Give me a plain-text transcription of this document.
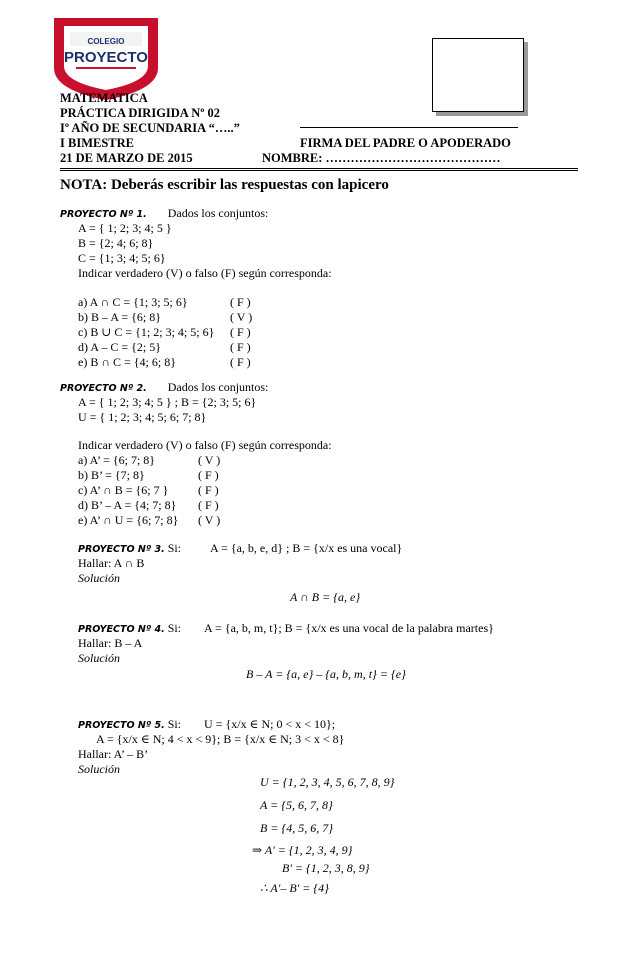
COLEGIO
PROYECTO
MATEMATICA
PRÁCTICA DIRIGIDA Nº 02
Iº AÑO DE SECUNDARIA “…..”
I BIMESTRE	FIRMA DEL PADRE O APODERADO
21 DE MARZO DE 2015	NOMBRE: ……………………………………
NOTA: Deberás escribir las respuestas con lapicero
PROYECTO Nº 1. Dados los conjuntos:
A = { 1; 2; 3; 4; 5 }
B = {2; 4; 6; 8}
C = {1; 3; 4; 5; 6}
Indicar verdadero (V) o falso (F) según corresponda:
a) A ∩ C = {1; 3; 5; 6}	( F )
b) B – A = {6; 8}	( V )
c) B ∪ C = {1; 2; 3; 4; 5; 6} ( F )
d) A – C = {2; 5}	( F )
e) B ∩ C = {4; 6; 8}	( F )
PROYECTO Nº 2. Dados los conjuntos:
A = { 1; 2; 3; 4; 5 } ; B = {2; 3; 5; 6}
U = { 1; 2; 3; 4; 5; 6; 7; 8}
Indicar verdadero (V) o falso (F) según corresponda:
a) A’ = {6; 7; 8}	( V )
b) B’ = {7; 8}	( F )
c) A’ ∩ B = {6; 7 } ( F )
d) B’ – A = {4; 7; 8} ( F )
e) A’ ∩ U = {6; 7; 8} ( V )
PROYECTO Nº 3. Si: A = {a, b, e, d} ; B = {x/x es una vocal}
Hallar: A ∩ B
Solución
A ∩ B = {a, e}
PROYECTO Nº 4. Si: A = {a, b, m, t}; B = {x/x es una vocal de la palabra martes}
Hallar: B – A
Solución
B – A = {a, e} – {a, b, m, t} = {e}
PROYECTO Nº 5. Si: U = {x/x ∈ N; 0 < x < 10};
A = {x/x ∈ N; 4 < x < 9}; B = {x/x ∈ N; 3 < x < 8}
Hallar: A’ – B’
Solución
U = {1, 2, 3, 4, 5, 6, 7, 8, 9}
A = {5, 6, 7, 8}
B = {4, 5, 6, 7}
⇒ A' = {1, 2, 3, 4, 9}
B' = {1, 2, 3, 8, 9}
∴ A'– B' = {4}
